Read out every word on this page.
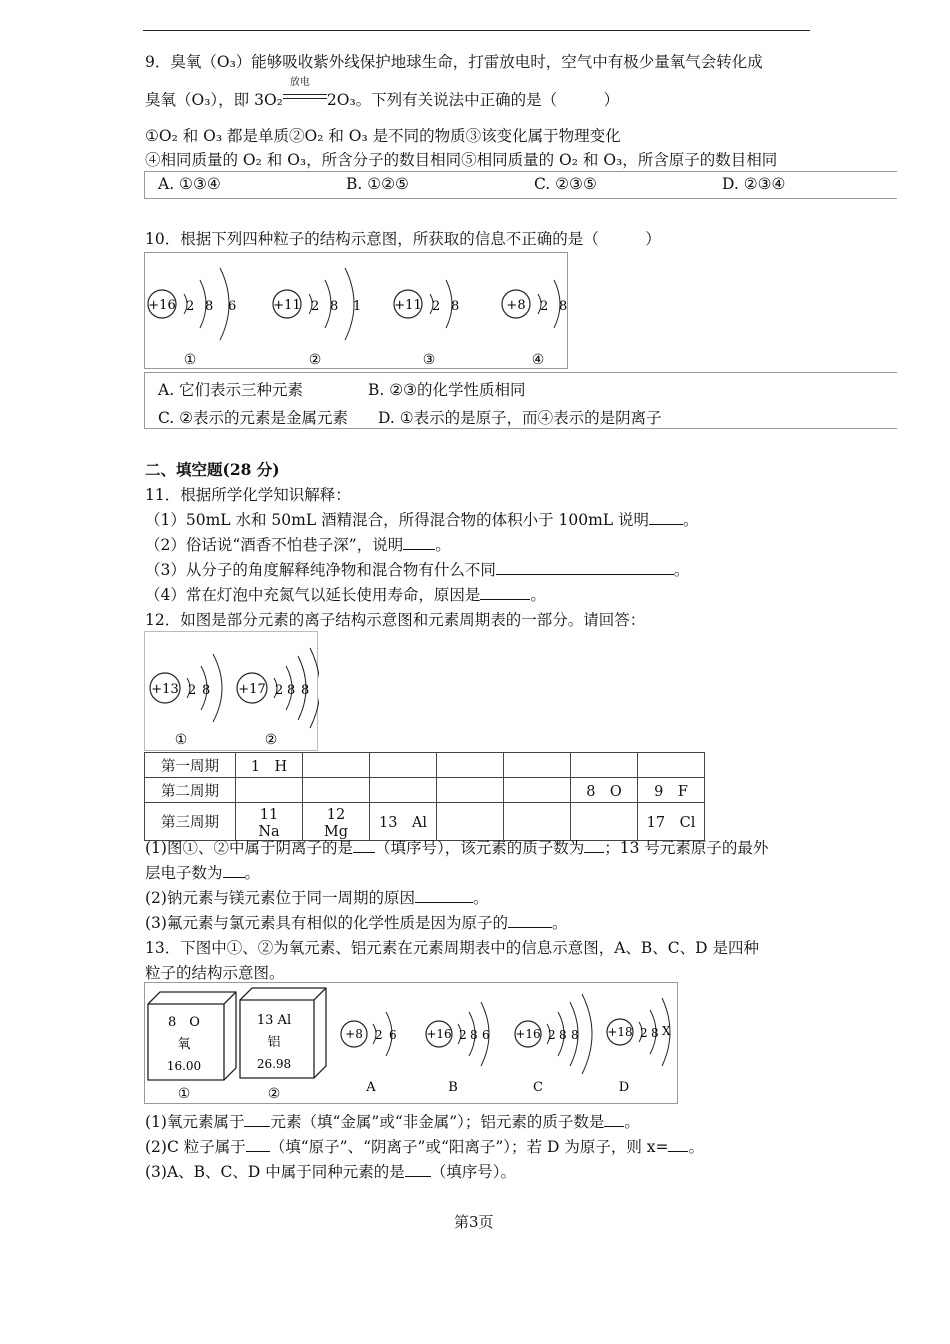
9．臭氧（O₃）能够吸收紫外线保护地球生命，打雷放电时，空气中有极少量氧气会转化成
臭氧（O₃），即 3O₂
放电
2O₃。下列有关说法中正确的是（　　　）
①O₂ 和 O₃ 都是单质②O₂ 和 O₃ 是不同的物质③该变化属于物理变化
④相同质量的 O₂ 和 O₃，所含分子的数目相同⑤相同质量的 O₂ 和 O₃，所含原子的数目相同
A. ①③④	B. ①②⑤	C. ②③⑤	D. ②③④
10．根据下列四种粒子的结构示意图，所获取的信息不正确的是（　　　）
+16 2 8 6
①
+11 2 8 1
②
+11 2 8
③
+8 2 8
④
A. 它们表示三种元素	B. ②③的化学性质相同
C. ②表示的元素是金属元素 D. ①表示的是原子，而④表示的是阴离子
二、填空题(28 分)
11．根据所学化学知识解释：
（1）50mL 水和 50mL 酒精混合，所得混合物的体积小于 100mL 说明 。
（2）俗话说“酒香不怕巷子深”，说明 。
（3）从分子的角度解释纯净物和混合物有什么不同	。
（4）常在灯泡中充氮气以延长使用寿命，原因是	。
12．如图是部分元素的离子结构示意图和元素周期表的一部分。请回答：
+13 2 8
①
+17 2 8 8
②
第一周期	1　H						
第二周期						8　O	9　F
第三周期	11　Na	12　Mg	13　Al				17　Cl
(1)图①、②中属于阴离子的是 （填序号），该元素的质子数为 ；13 号元素原子的最外
层电子数为 。
(2)钠元素与镁元素位于同一周期的原因	。
(3)氟元素与氯元素具有相似的化学性质是因为原子的	。
13．下图中①、②为氧元素、铝元素在元素周期表中的信息示意图，A、B、C、D 是四种
粒子的结构示意图。
8　O
氧
16.00
①
13 Al
铝
26.98
②
+8 2 6
A
+16 2 8 6
B
+16 2 8 8
C
+18 2 8 X
D
(1)氧元素属于 元素（填“金属”或“非金属”）；铝元素的质子数是 。
(2)C 粒子属于 （填“原子”、“阴离子”或“阳离子”）；若 D 为原子，则 x= 。
(3)A、B、C、D 中属于同种元素的是 （填序号）。
第3页
